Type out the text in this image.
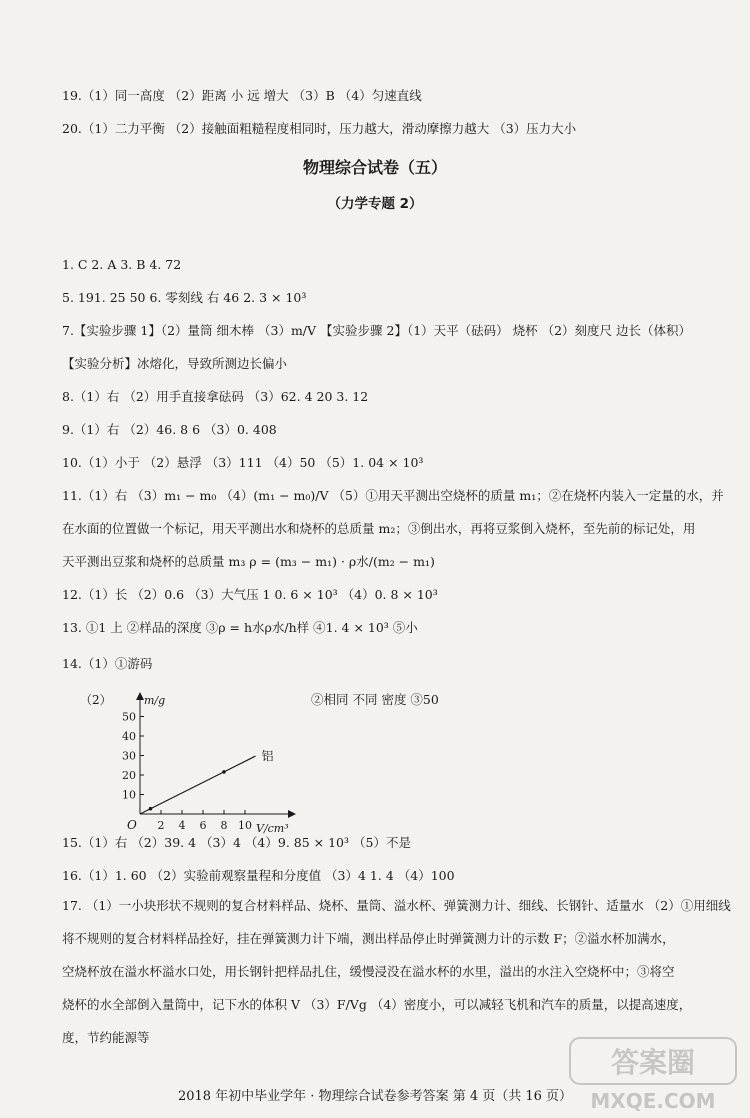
19.（1）同一高度 （2）距离 小 远 增大 （3）B （4）匀速直线
20.（1）二力平衡 （2）接触面粗糙程度相同时，压力越大，滑动摩擦力越大 （3）压力大小
物理综合试卷（五）
（力学专题 2）
1. C 2. A 3. B 4. 72
5. 191. 25 50 6. 零刻线 右 46 2. 3 × 10³
7.【实验步骤 1】（2）量筒 细木棒 （3）m/V 【实验步骤 2】（1）天平（砝码） 烧杯 （2）刻度尺 边长（体积）
【实验分析】冰熔化，导致所测边长偏小
8.（1）右 （2）用手直接拿砝码 （3）62. 4 20 3. 12
9.（1）右 （2）46. 8 6 （3）0. 408
10.（1）小于 （2）悬浮 （3）111 （4）50 （5）1. 04 × 10³
11.（1）右 （3）m₁ − m₀ （4）(m₁ − m₀)/V （5）①用天平测出空烧杯的质量 m₁；②在烧杯内装入一定量的水，并
在水面的位置做一个标记，用天平测出水和烧杯的总质量 m₂；③倒出水，再将豆浆倒入烧杯，至先前的标记处，用
天平测出豆浆和烧杯的总质量 m₃ ρ = (m₃ − m₁) · ρ水/(m₂ − m₁)
12.（1）长 （2）0.6 （3）大气压 1 0. 6 × 10³ （4）0. 8 × 10³
13. ①1 上 ②样品的深度 ③ρ = h水ρ水/h样 ④1. 4 × 10³ ⑤小
14.（1）①游码
（2）	m/g
O
10
20
30
40
50
2 4 6 8 10 V/cm³
铝
②相同 不同 密度 ③50
15.（1）右 （2）39. 4 （3）4 （4）9. 85 × 10³ （5）不是
16.（1）1. 60 （2）实验前观察量程和分度值 （3）4 1. 4 （4）100
17. （1）一小块形状不规则的复合材料样品、烧杯、量筒、溢水杯、弹簧测力计、细线、长钢针、适量水 （2）①用细线
将不规则的复合材料样品拴好，挂在弹簧测力计下端，测出样品停止时弹簧测力计的示数 F；②溢水杯加满水，
空烧杯放在溢水杯溢水口处，用长钢针把样品扎住，缓慢浸没在溢水杯的水里，溢出的水注入空烧杯中；③将空
烧杯的水全部倒入量筒中，记下水的体积 V （3）F/Vg （4）密度小，可以减轻飞机和汽车的质量，以提高速度，
度，节约能源等
2018 年初中毕业学年 · 物理综合试卷参考答案 第 4 页（共 16 页）
答案圈
MXQE.COM
